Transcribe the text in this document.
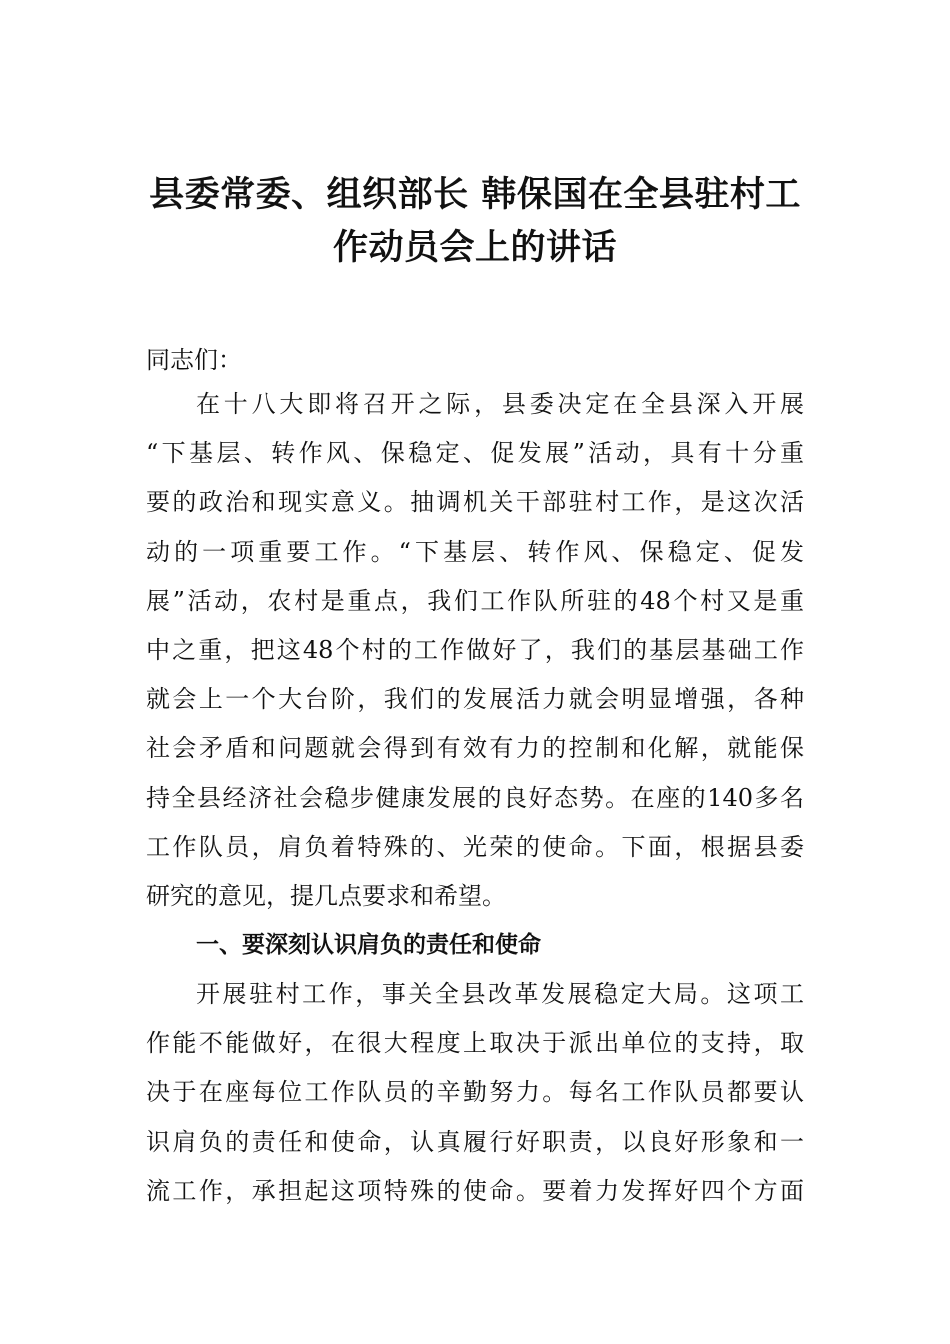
县委常委、组织部长 韩保国在全县驻村工
作动员会上的讲话

同志们：

在十八大即将召开之际，县委决定在全县深入开展
“下基层、转作风、保稳定、促发展”活动，具有十分重
要的政治和现实意义。抽调机关干部驻村工作，是这次活
动的一项重要工作。“下基层、转作风、保稳定、促发
展”活动，农村是重点，我们工作队所驻的48个村又是重
中之重，把这48个村的工作做好了，我们的基层基础工作
就会上一个大台阶，我们的发展活力就会明显增强，各种
社会矛盾和问题就会得到有效有力的控制和化解，就能保
持全县经济社会稳步健康发展的良好态势。在座的140多名
工作队员，肩负着特殊的、光荣的使命。下面，根据县委
研究的意见，提几点要求和希望。
一、要深刻认识肩负的责任和使命
开展驻村工作，事关全县改革发展稳定大局。这项工
作能不能做好，在很大程度上取决于派出单位的支持，取
决于在座每位工作队员的辛勤努力。每名工作队员都要认
识肩负的责任和使命，认真履行好职责，以良好形象和一
流工作，承担起这项特殊的使命。要着力发挥好四个方面
